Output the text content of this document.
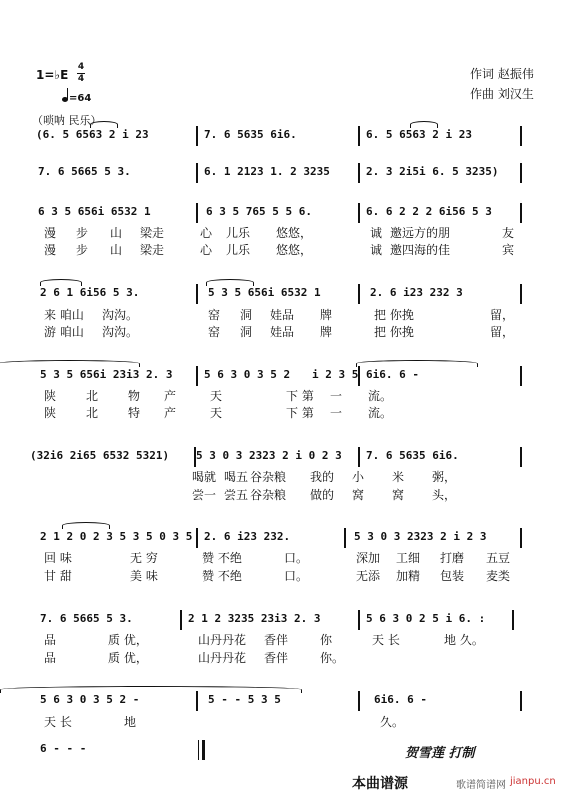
1=♭E
4
4
=64
（唢呐 民乐）
作词 赵振伟
作曲 刘汉生
(6. 5 6563 2 i 23	7. 6 5635 6i6.	6. 5 6563 2 i 23
7. 6 5665 5 3.	6. 1 2123 1. 2 3235	2. 3 2i5i 6. 5 3235)
6 3 5 656i 6532 1	6 3 5 765 5 5 6.	6. 6 2 2 2 6i56 5 3
漫 步 山 梁走	心 儿乐 悠悠，	诚 邀远方的朋	友
漫 步 山 梁走	心 儿乐 悠悠，	诚 邀四海的佳	宾
2 6 1 6i56 5 3.	5 3 5 656i 6532 1	2. 6 i23 232 3
来 咱山 沟沟。	窑 洞 娃品 牌	把 你挽	留，
游 咱山 沟沟。	窑 洞 娃品 牌	把 你挽	留，
5 3 5 656i 23i3 2. 3	5 6 3 0 3 5 2 i 2 3 5 6i6. 6 -
陕 北 物 产	天	下 第 一 流。
陕 北 特 产	天	下 第 一 流。
(32i6 2i65 6532 5321) 5 3 0 3 2323 2 i 0 2 3 7. 6 5635 6i6.
喝就 喝五 谷杂粮 我的 小 米 粥，
尝一 尝五 谷杂粮 做的 窝 窝 头，
2 1 2 0 2 3 5 3 5 0 3 5 2. 6 i23 232.	5 3 0 3 2323 2 i 2 3
回 味	无 穷	赞 不绝	口。	深加 工细 打磨 五豆
甘 甜	美 味	赞 不绝	口。	无添 加精 包装 麦类
7. 6 5665 5 3.	2 1 2 3235 23i3 2. 3	5 6 3 0 2 5 i 6. :
品	质 优，	山丹丹花 香伴	你	天 长	地 久。
品	质 优，	山丹丹花 香伴	你。
5 6 3 0 3 5 2 -	5 - - 5 3 5	6i6. 6 -
天 长	地	久。
6 - - -	贺雪莲 打制
本曲谱源	歌谱简谱网 jianpu.cn
